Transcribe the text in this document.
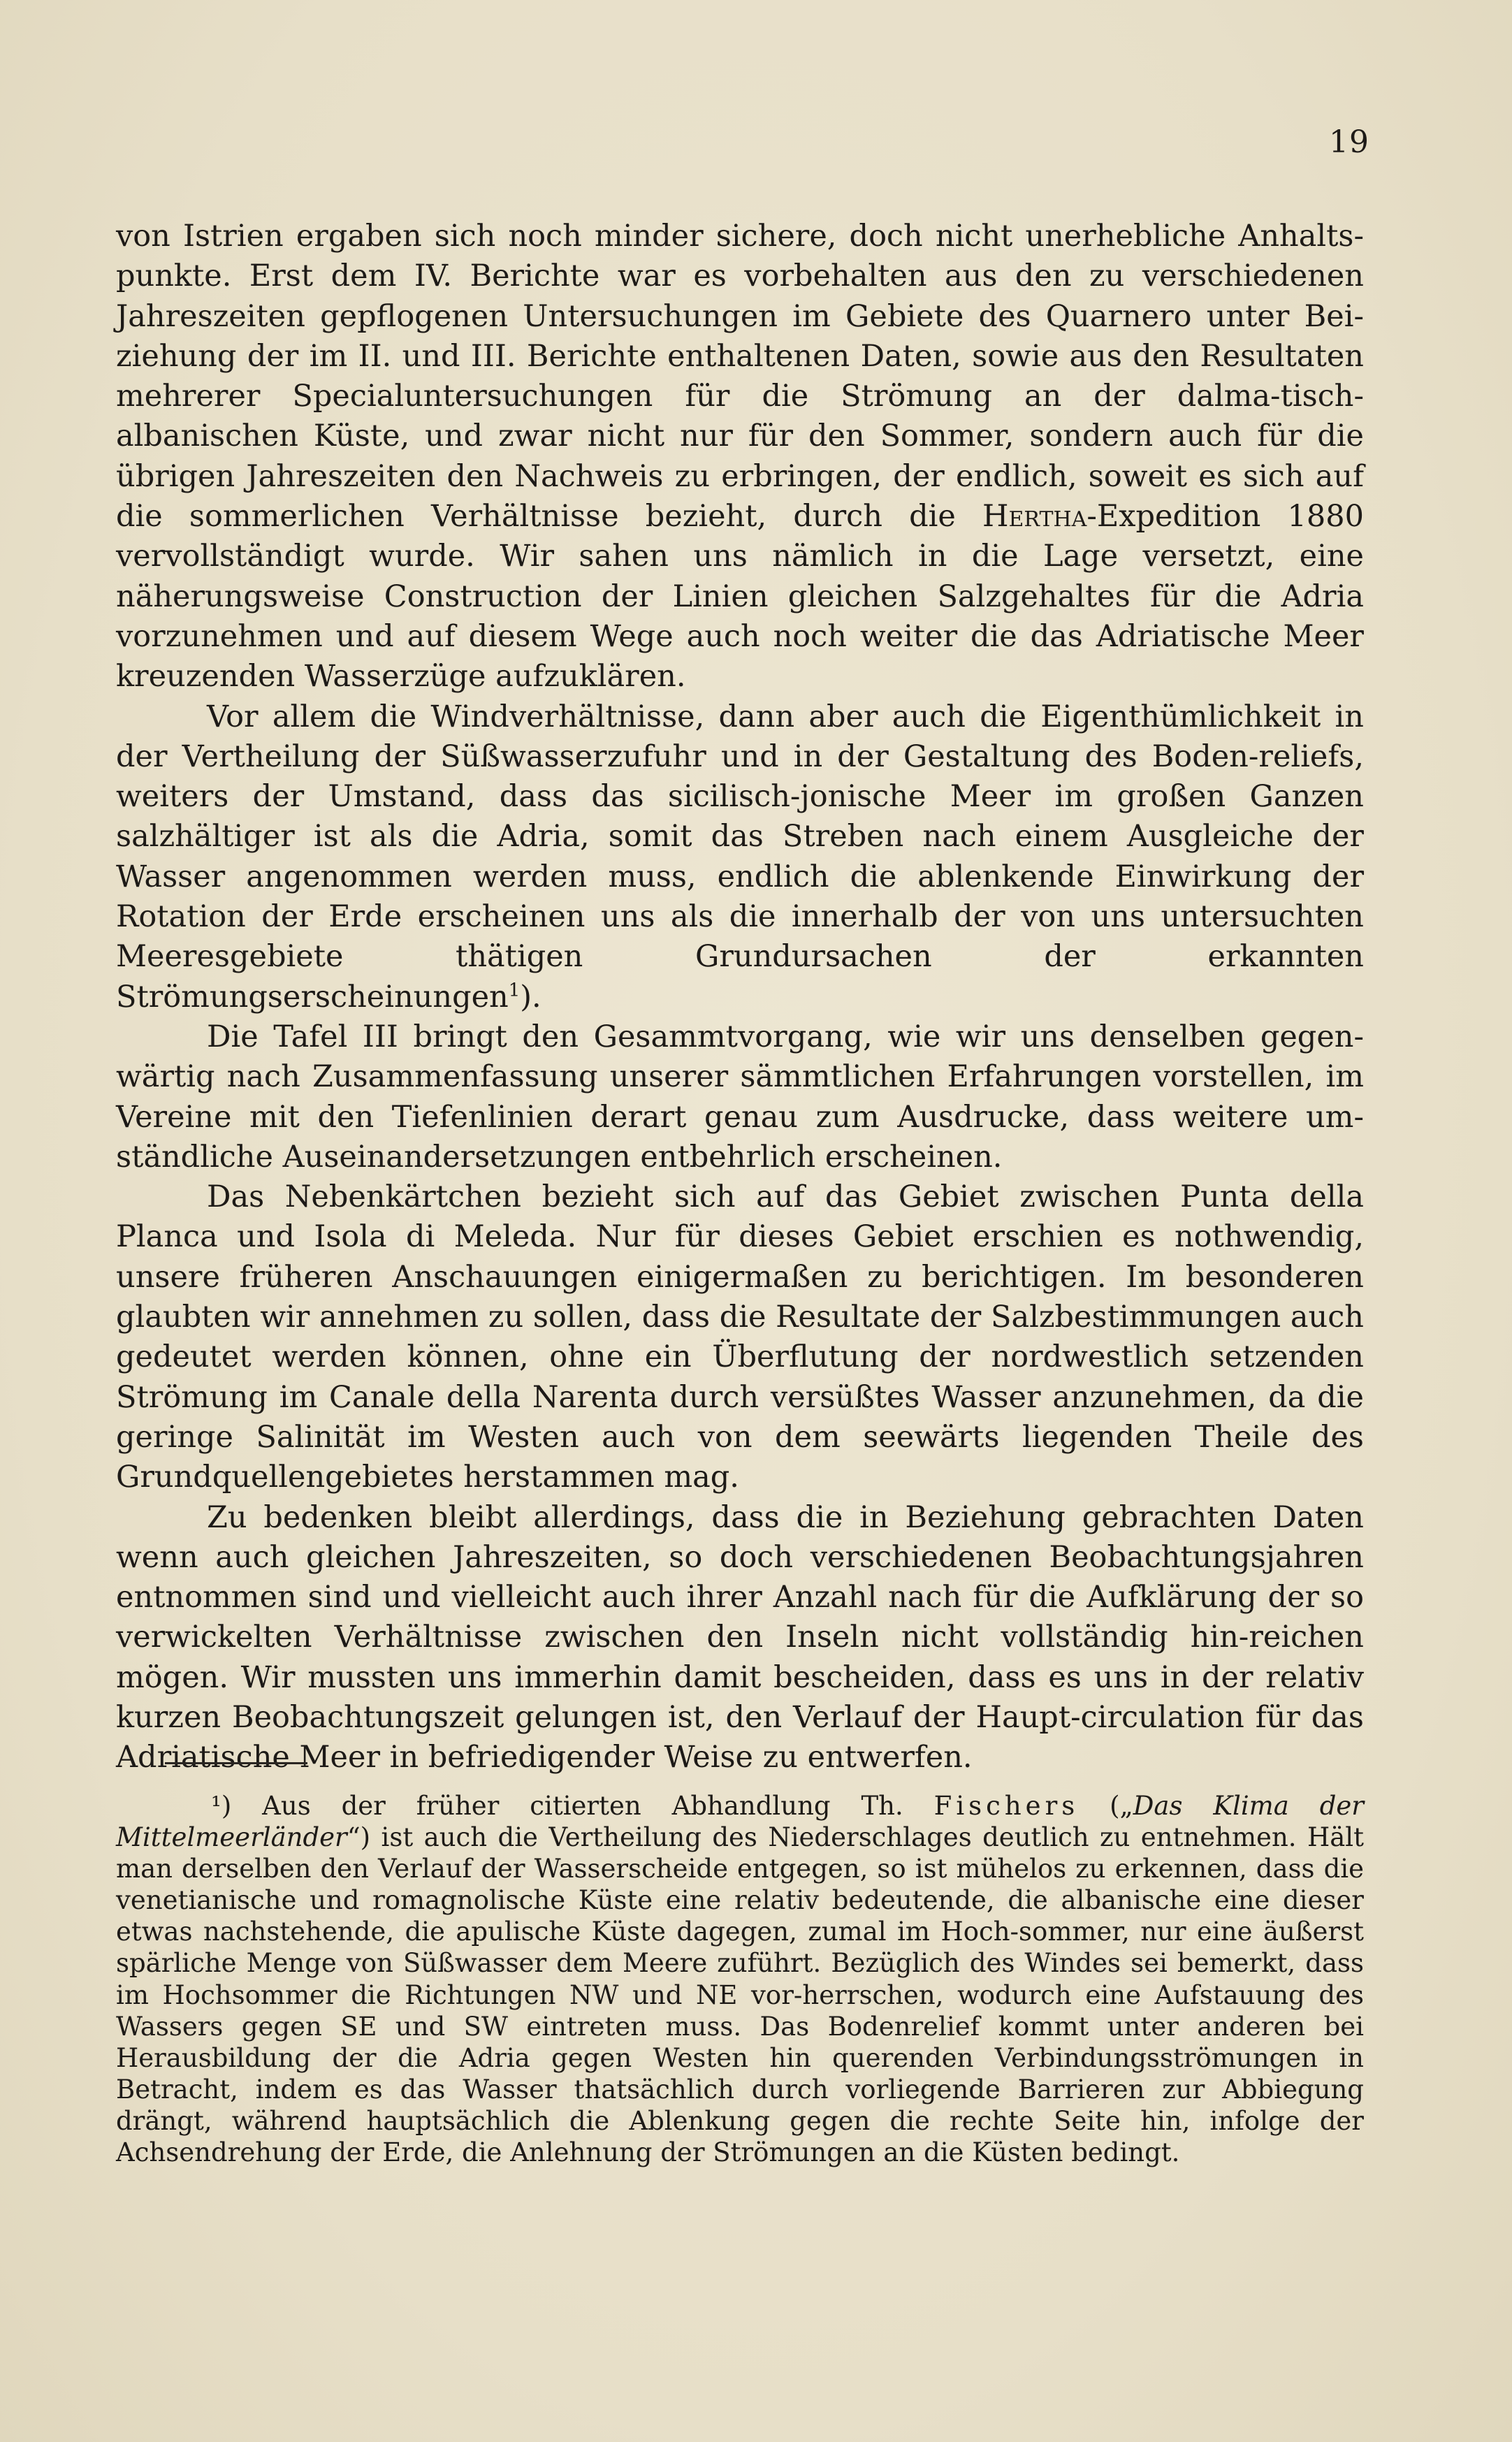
19

von Istrien ergaben sich noch minder sichere, doch nicht unerhebliche Anhalts-punkte. Erst dem IV. Berichte war es vorbehalten aus den zu verschiedenen Jahreszeiten gepflogenen Untersuchungen im Gebiete des Quarnero unter Bei-ziehung der im II. und III. Berichte enthaltenen Daten, sowie aus den Resultaten mehrerer Specialuntersuchungen für die Strömung an der dalma-tisch-albanischen Küste, und zwar nicht nur für den Sommer, sondern auch für die übrigen Jahreszeiten den Nachweis zu erbringen, der endlich, soweit es sich auf die sommerlichen Verhältnisse bezieht, durch die Hertha-Expedition 1880 vervollständigt wurde. Wir sahen uns nämlich in die Lage versetzt, eine näherungsweise Construction der Linien gleichen Salzgehaltes für die Adria vorzunehmen und auf diesem Wege auch noch weiter die das Adriatische Meer kreuzenden Wasserzüge aufzuklären.

Vor allem die Windverhältnisse, dann aber auch die Eigenthümlichkeit in der Vertheilung der Süßwasserzufuhr und in der Gestaltung des Boden-reliefs, weiters der Umstand, dass das sicilisch-jonische Meer im großen Ganzen salzhältiger ist als die Adria, somit das Streben nach einem Ausgleiche der Wasser angenommen werden muss, endlich die ablenkende Einwirkung der Rotation der Erde erscheinen uns als die innerhalb der von uns untersuchten Meeresgebiete thätigen Grundursachen der erkannten Strömungserscheinungen$^1$).

Die Tafel III bringt den Gesammtvorgang, wie wir uns denselben gegen-wärtig nach Zusammenfassung unserer sämmtlichen Erfahrungen vorstellen, im Vereine mit den Tiefenlinien derart genau zum Ausdrucke, dass weitere um-ständliche Auseinandersetzungen entbehrlich erscheinen.

Das Nebenkärtchen bezieht sich auf das Gebiet zwischen Punta della Planca und Isola di Meleda. Nur für dieses Gebiet erschien es nothwendig, unsere früheren Anschauungen einigermaßen zu berichtigen. Im besonderen glaubten wir annehmen zu sollen, dass die Resultate der Salzbestimmungen auch gedeutet werden können, ohne ein Überflutung der nordwestlich setzenden Strömung im Canale della Narenta durch versüßtes Wasser anzunehmen, da die geringe Salinität im Westen auch von dem seewärts liegenden Theile des Grundquellengebietes herstammen mag.

Zu bedenken bleibt allerdings, dass die in Beziehung gebrachten Daten wenn auch gleichen Jahreszeiten, so doch verschiedenen Beobachtungsjahren entnommen sind und vielleicht auch ihrer Anzahl nach für die Aufklärung der so verwickelten Verhältnisse zwischen den Inseln nicht vollständig hin-reichen mögen. Wir mussten uns immerhin damit bescheiden, dass es uns in der relativ kurzen Beobachtungszeit gelungen ist, den Verlauf der Haupt-circulation für das Adriatische Meer in befriedigender Weise zu entwerfen.

¹) Aus der früher citierten Abhandlung Th. Fischers („Das Klima der Mittelmeerländer“) ist auch die Vertheilung des Niederschlages deutlich zu entnehmen. Hält man derselben den Verlauf der Wasserscheide entgegen, so ist mühelos zu erkennen, dass die venetianische und romagnolische Küste eine relativ bedeutende, die albanische eine dieser etwas nachstehende, die apulische Küste dagegen, zumal im Hoch-sommer, nur eine äußerst spärliche Menge von Süßwasser dem Meere zuführt. Bezüglich des Windes sei bemerkt, dass im Hochsommer die Richtungen NW und NE vor-herrschen, wodurch eine Aufstauung des Wassers gegen SE und SW eintreten muss. Das Bodenrelief kommt unter anderen bei Herausbildung der die Adria gegen Westen hin querenden Verbindungsströmungen in Betracht, indem es das Wasser thatsächlich durch vorliegende Barrieren zur Abbiegung drängt, während hauptsächlich die Ablenkung gegen die rechte Seite hin, infolge der Achsendrehung der Erde, die Anlehnung der Strömungen an die Küsten bedingt.
